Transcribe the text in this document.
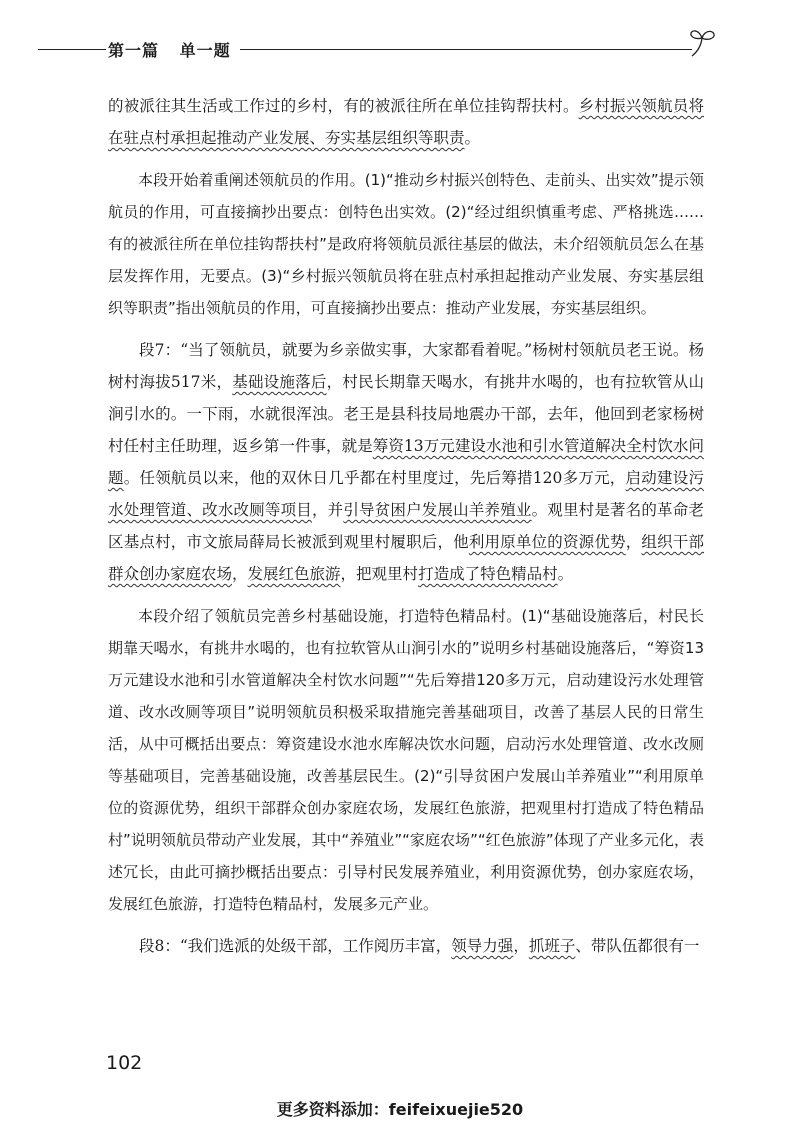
第一篇 单一题

的被派往其生活或工作过的乡村，有的被派往所在单位挂钩帮扶村。乡村振兴领航员将在驻点村承担起推动产业发展、夯实基层组织等职责。

本段开始着重阐述领航员的作用。(1)“推动乡村振兴创特色、走前头、出实效”提示领航员的作用，可直接摘抄出要点：创特色出实效。(2)“经过组织慎重考虑、严格挑选……有的被派往所在单位挂钩帮扶村”是政府将领航员派往基层的做法，未介绍领航员怎么在基层发挥作用，无要点。(3)“乡村振兴领航员将在驻点村承担起推动产业发展、夯实基层组织等职责”指出领航员的作用，可直接摘抄出要点：推动产业发展，夯实基层组织。

段7：“当了领航员，就要为乡亲做实事，大家都看着呢。”杨树村领航员老王说。杨树村海拔517米，基础设施落后，村民长期靠天喝水，有挑井水喝的，也有拉软管从山涧引水的。一下雨，水就很浑浊。老王是县科技局地震办干部，去年，他回到老家杨树村任村主任助理，返乡第一件事，就是筹资13万元建设水池和引水管道解决全村饮水问题。任领航员以来，他的双休日几乎都在村里度过，先后筹措120多万元，启动建设污水处理管道、改水改厕等项目，并引导贫困户发展山羊养殖业。观里村是著名的革命老区基点村，市文旅局薛局长被派到观里村履职后，他利用原单位的资源优势，组织干部群众创办家庭农场，发展红色旅游，把观里村打造成了特色精品村。

本段介绍了领航员完善乡村基础设施，打造特色精品村。(1)“基础设施落后，村民长期靠天喝水，有挑井水喝的，也有拉软管从山涧引水的”说明乡村基础设施落后，“筹资13万元建设水池和引水管道解决全村饮水问题”“先后筹措120多万元，启动建设污水处理管道、改水改厕等项目”说明领航员积极采取措施完善基础项目，改善了基层人民的日常生活，从中可概括出要点：筹资建设水池水库解决饮水问题，启动污水处理管道、改水改厕等基础项目，完善基础设施，改善基层民生。(2)“引导贫困户发展山羊养殖业”“利用原单位的资源优势，组织干部群众创办家庭农场，发展红色旅游，把观里村打造成了特色精品村”说明领航员带动产业发展，其中“养殖业”“家庭农场”“红色旅游”体现了产业多元化，表述冗长，由此可摘抄概括出要点：引导村民发展养殖业，利用资源优势，创办家庭农场，发展红色旅游，打造特色精品村，发展多元产业。

段8：“我们选派的处级干部，工作阅历丰富，领导力强，抓班子、带队伍都很有一

102
更多资料添加：feifeixuejie520
